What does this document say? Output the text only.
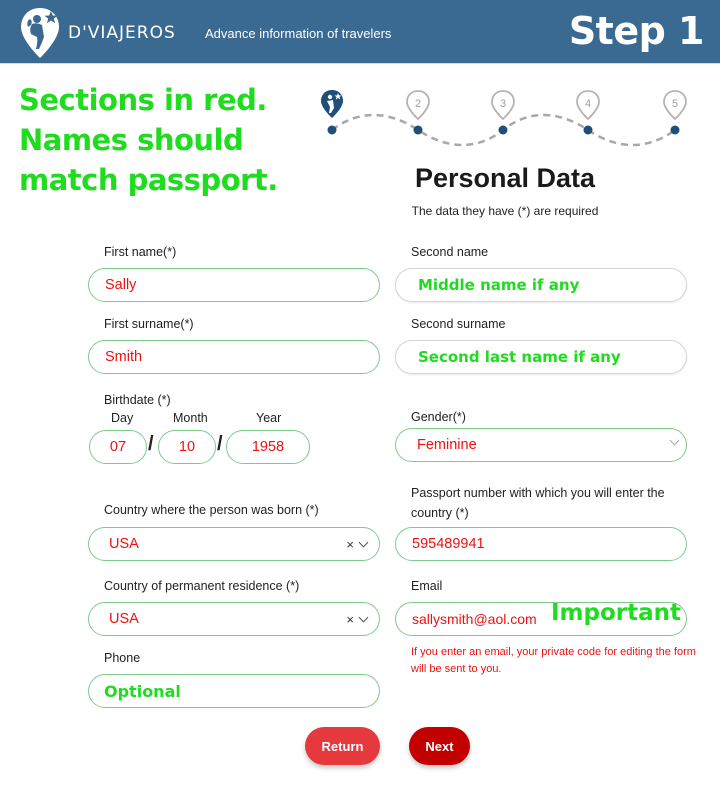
D'VIAJEROS Advance information of travelers	Step 1
Sections in red.
Names should
match passport.
2	3	4	5
Personal Data
The data they have (*) are required
First name(*)
Sally
Second name
Middle name if any
First surname(*)
Smith
Second surname
Second last name if any
Birthdate (*)
Day	Month	Year
07 / 10 / 1958
Gender(*)
Feminine
Country where the person was born (*)
USA	×
Passport number with which you will enter the country (*)
595489941
Country of permanent residence (*)
USA	×
Email
sallysmith@aol.com Important
If you enter an email, your private code for editing the form will be sent to you.
Phone
Optional
Return	Next
